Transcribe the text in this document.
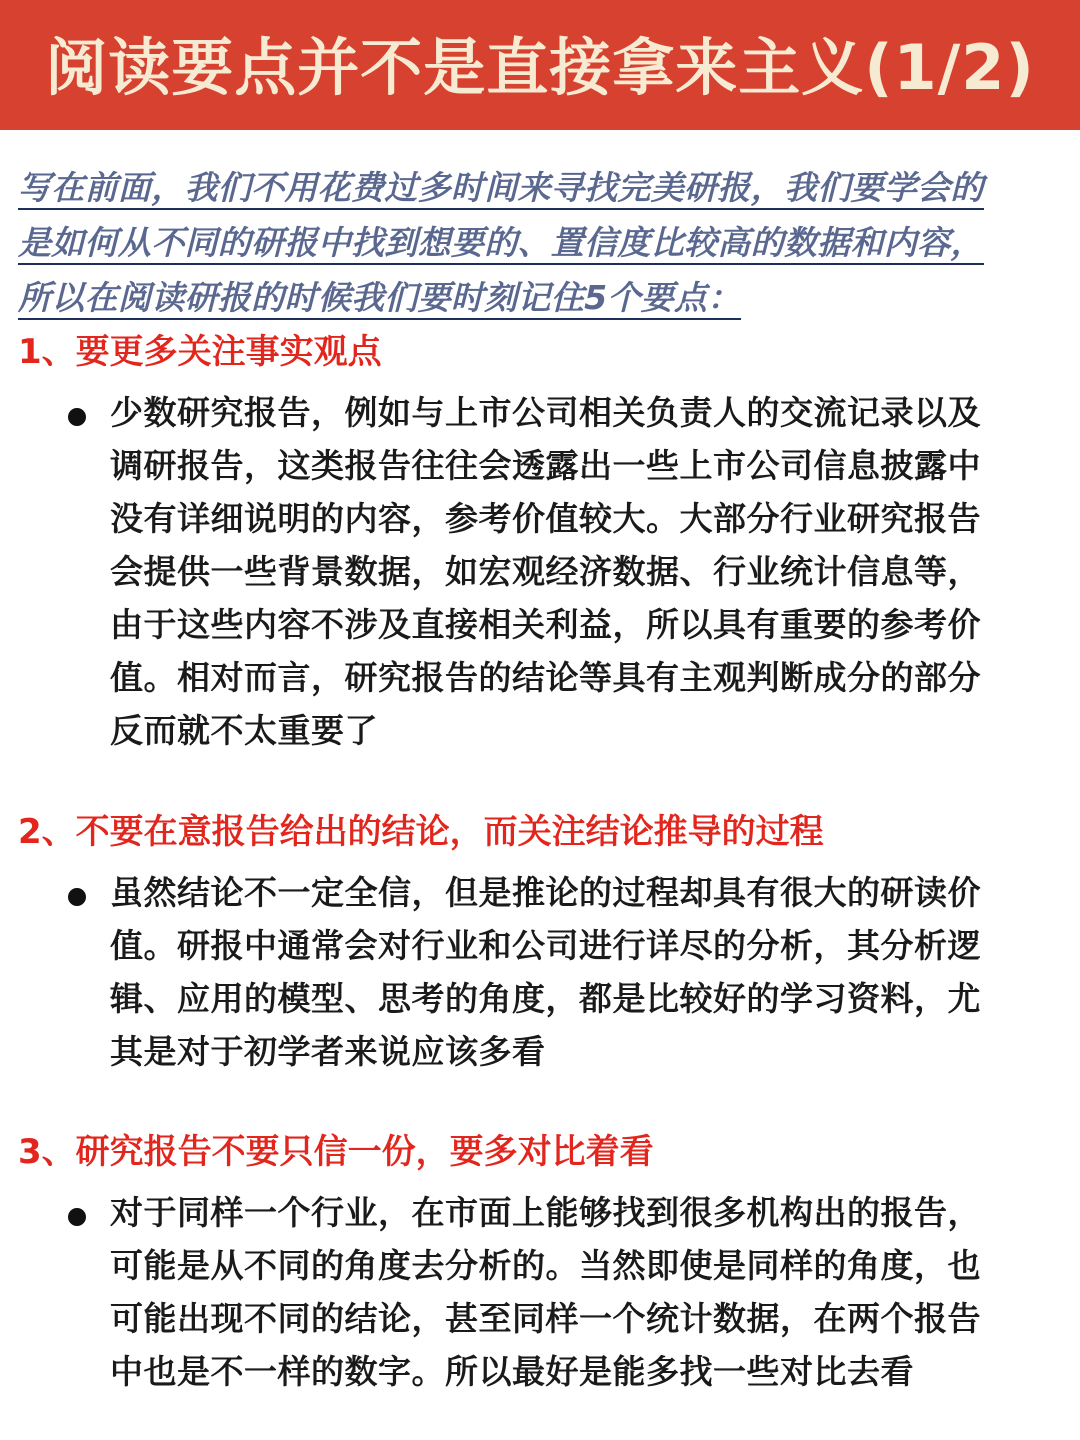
阅读要点并不是直接拿来主义(1/2)
写在前面，我们不用花费过多时间来寻找完美研报，我们要学会的
是如何从不同的研报中找到想要的、置信度比较高的数据和内容，
所以在阅读研报的时候我们要时刻记住5个要点：
1、要更多关注事实观点
少数研究报告，例如与上市公司相关负责人的交流记录以及
调研报告，这类报告往往会透露出一些上市公司信息披露中
没有详细说明的内容，参考价值较大。大部分行业研究报告
会提供一些背景数据，如宏观经济数据、行业统计信息等，
由于这些内容不涉及直接相关利益，所以具有重要的参考价
值。相对而言，研究报告的结论等具有主观判断成分的部分
反而就不太重要了
2、不要在意报告给出的结论，而关注结论推导的过程
虽然结论不一定全信，但是推论的过程却具有很大的研读价
值。研报中通常会对行业和公司进行详尽的分析，其分析逻
辑、应用的模型、思考的角度，都是比较好的学习资料，尤
其是对于初学者来说应该多看
3、研究报告不要只信一份，要多对比着看
对于同样一个行业，在市面上能够找到很多机构出的报告，
可能是从不同的角度去分析的。当然即使是同样的角度，也
可能出现不同的结论，甚至同样一个统计数据，在两个报告
中也是不一样的数字。所以最好是能多找一些对比去看
